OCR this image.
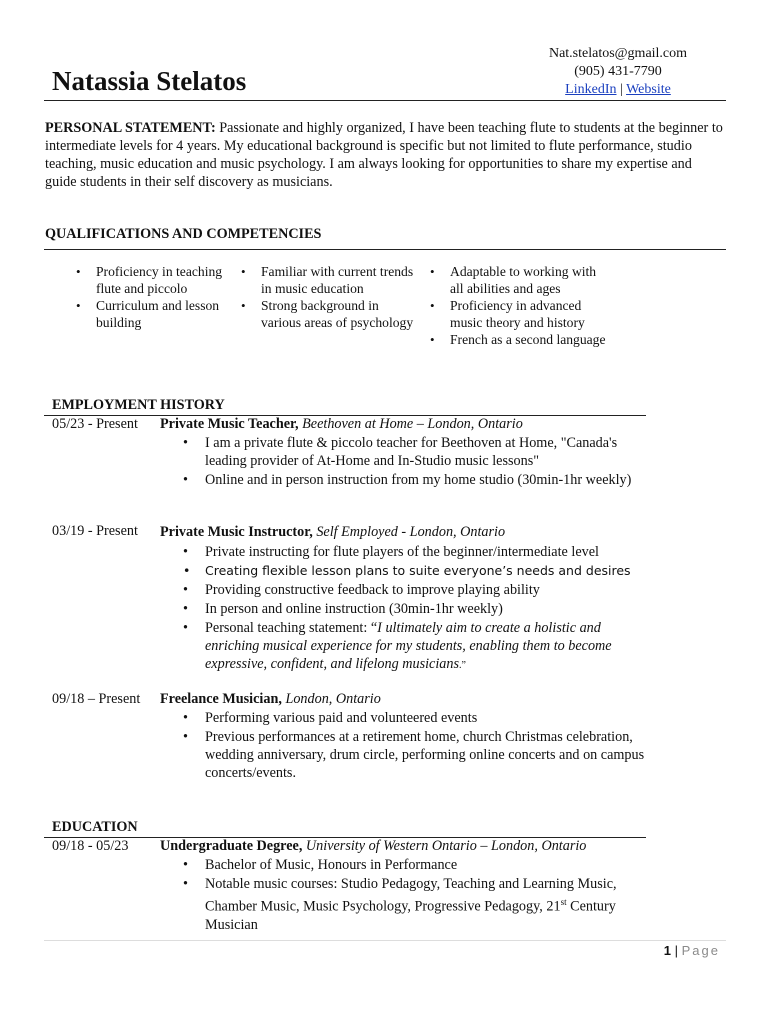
Natassia Stelatos
Nat.stelatos@gmail.com
(905) 431-7790
LinkedIn | Website
PERSONAL STATEMENT: Passionate and highly organized, I have been teaching flute to students at the beginner to intermediate levels for 4 years. My educational background is specific but not limited to flute performance, studio teaching, music education and music psychology. I am always looking for opportunities to share my expertise and guide students in their self discovery as musicians.
QUALIFICATIONS AND COMPETENCIES
• Proficiency in teaching flute and piccolo
• Curriculum and lesson building
• Familiar with current trends in music education
• Strong background in various areas of psychology
• Adaptable to working with all abilities and ages
• Proficiency in advanced music theory and history
• French as a second language
EMPLOYMENT HISTORY
05/23 - Present Private Music Teacher, Beethoven at Home – London, Ontario
• I am a private flute & piccolo teacher for Beethoven at Home, "Canada's leading provider of At-Home and In-Studio music lessons"
• Online and in person instruction from my home studio (30min-1hr weekly)
03/19 - Present Private Music Instructor, Self Employed - London, Ontario
• Private instructing for flute players of the beginner/intermediate level
• Creating flexible lesson plans to suite everyone’s needs and desires
• Providing constructive feedback to improve playing ability
• In person and online instruction (30min-1hr weekly)
• Personal teaching statement: “I ultimately aim to create a holistic and enriching musical experience for my students, enabling them to become expressive, confident, and lifelong musicians.”
09/18 – Present Freelance Musician, London, Ontario
• Performing various paid and volunteered events
• Previous performances at a retirement home, church Christmas celebration, wedding anniversary, drum circle, performing online concerts and on campus concerts/events.
EDUCATION
09/18 - 05/23 Undergraduate Degree, University of Western Ontario – London, Ontario
• Bachelor of Music, Honours in Performance
• Notable music courses: Studio Pedagogy, Teaching and Learning Music, Chamber Music, Music Psychology, Progressive Pedagogy, 21st Century Musician
1 | Page
